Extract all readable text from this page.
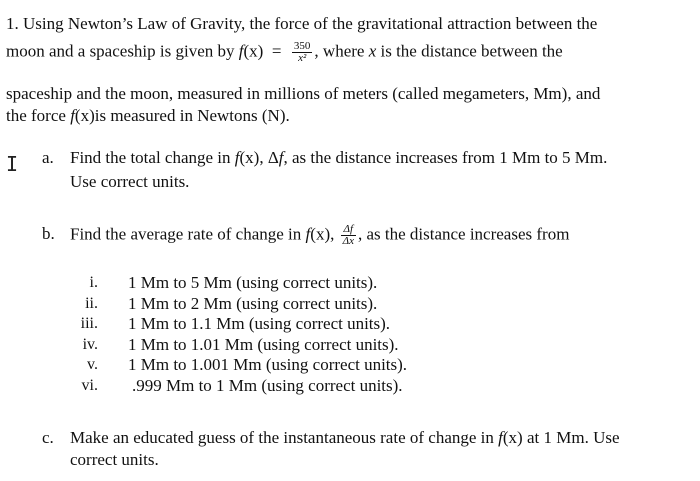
1. Using Newton’s Law of Gravity, the force of the gravitational attraction between the
moon and a spaceship is given by $f(x) = \frac{350}{\text{x²}}$ , where x is the distance between the
spaceship and the moon, measured in millions of meters (called megameters, Mm), and
the force f(x)is measured in Newtons (N).
I a. Find the total change in f(x), Δf, as the distance increases from 1 Mm to 5 Mm.
Use correct units.
b. Find the average rate of change in f(x), $\frac{\Delta f}{\Delta x}$ , as the distance increases from
i. 1 Mm to 5 Mm (using correct units).
ii. 1 Mm to 2 Mm (using correct units).
iii. 1 Mm to 1.1 Mm (using correct units).
iv. 1 Mm to 1.01 Mm (using correct units).
v. 1 Mm to 1.001 Mm (using correct units).
vi. .999 Mm to 1 Mm (using correct units).
c. Make an educated guess of the instantaneous rate of change in f(x) at 1 Mm. Use
correct units.
